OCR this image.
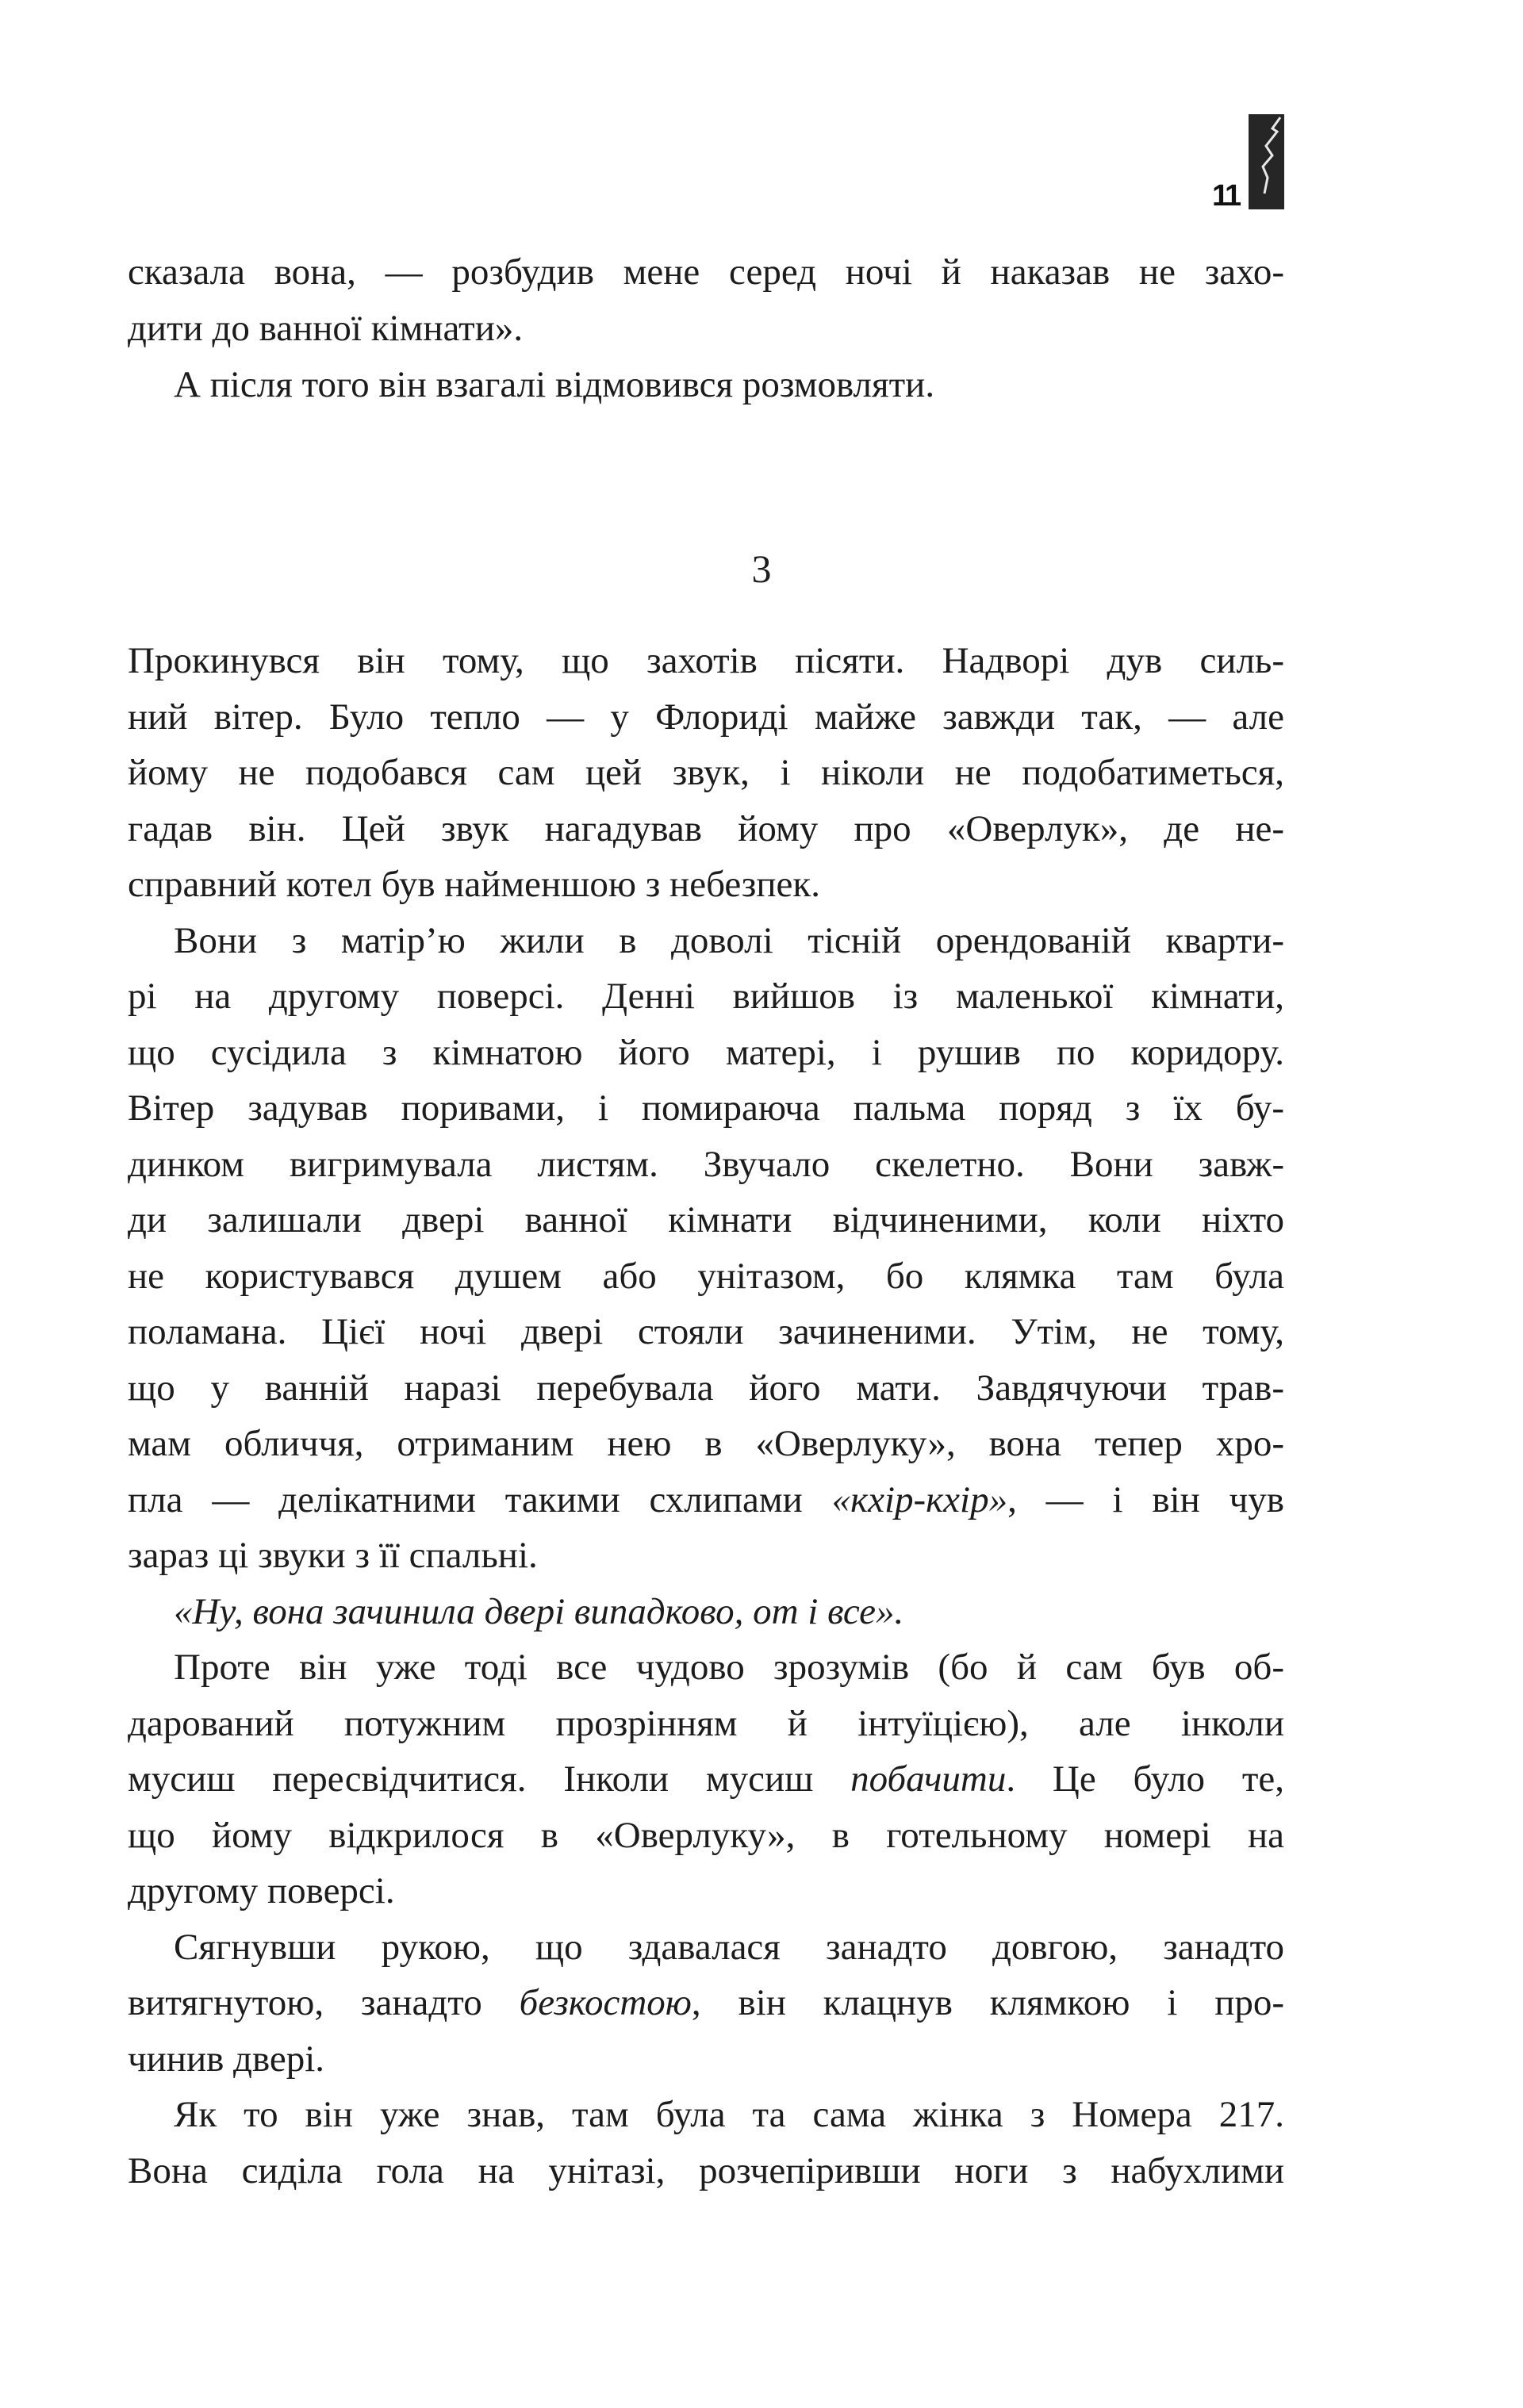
11
3
сказала вона, — розбудив мене серед ночі й наказав не захо-
дити до ванної кімнати».
А після того він взагалі відмовився розмовляти.
Прокинувся він тому, що захотів пісяти. Надворі дув силь-
ний вітер. Було тепло — у Флориді майже завжди так, — але
йому не подобався сам цей звук, і ніколи не подобатиметься,
гадав він. Цей звук нагадував йому про «Оверлук», де не-
справний котел був найменшою з небезпек.
Вони з матір’ю жили в доволі тісній орендованій кварти-
рі на другому поверсі. Денні вийшов із маленької кімнати,
що сусідила з кімнатою його матері, і рушив по коридору.
Вітер задував поривами, і помираюча пальма поряд з їх бу-
динком вигримувала листям. Звучало скелетно. Вони завж-
ди залишали двері ванної кімнати відчиненими, коли ніхто
не користувався душем або унітазом, бо клямка там була
поламана. Цієї ночі двері стояли зачиненими. Утім, не тому,
що у ванній наразі перебувала його мати. Завдячуючи трав-
мам обличчя, отриманим нею в «Оверлуку», вона тепер хро-
пла — делікатними такими схлипами «кхір-кхір», — і він чув
зараз ці звуки з її спальні.
«Ну, вона зачинила двері випадково, от і все».
Проте він уже тоді все чудово зрозумів (бо й сам був об-
дарований потужним прозрінням й інтуїцією), але інколи
мусиш пересвідчитися. Інколи мусиш побачити. Це було те,
що йому відкрилося в «Оверлуку», в готельному номері на
другому поверсі.
Сягнувши рукою, що здавалася занадто довгою, занадто
витягнутою, занадто безкостою, він клацнув клямкою і про-
чинив двері.
Як то він уже знав, там була та сама жінка з Номера 217.
Вона сиділа гола на унітазі, розчепіривши ноги з набухлими
